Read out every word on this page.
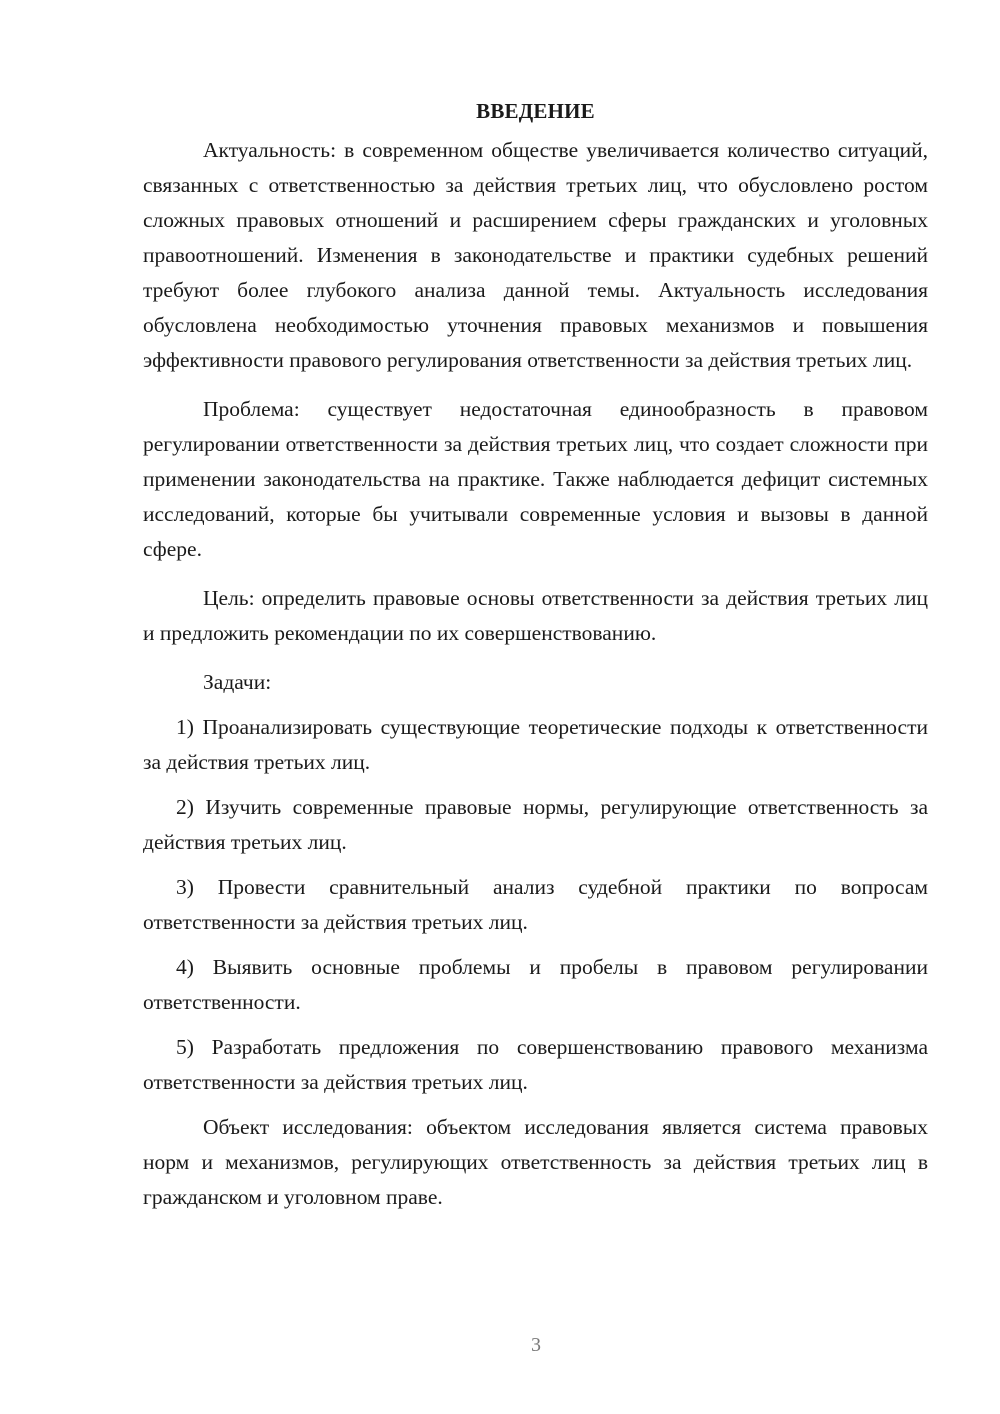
ВВЕДЕНИЕ

Актуальность: в современном обществе увеличивается количество ситуаций, связанных с ответственностью за действия третьих лиц, что обусловлено ростом сложных правовых отношений и расширением сферы гражданских и уголовных правоотношений. Изменения в законодательстве и практики судебных решений требуют более глубокого анализа данной темы. Актуальность исследования обусловлена необходимостью уточнения правовых механизмов и повышения эффективности правового регулирования ответственности за действия третьих лиц.

Проблема: существует недостаточная единообразность в правовом регулировании ответственности за действия третьих лиц, что создает сложности при применении законодательства на практике. Также наблюдается дефицит системных исследований, которые бы учитывали современные условия и вызовы в данной сфере.

Цель: определить правовые основы ответственности за действия третьих лиц и предложить рекомендации по их совершенствованию.

Задачи:

1) Проанализировать существующие теоретические подходы к ответственности за действия третьих лиц.

2) Изучить современные правовые нормы, регулирующие ответственность за действия третьих лиц.

3) Провести сравнительный анализ судебной практики по вопросам ответственности за действия третьих лиц.

4) Выявить основные проблемы и пробелы в правовом регулировании ответственности.

5) Разработать предложения по совершенствованию правового механизма ответственности за действия третьих лиц.

Объект исследования: объектом исследования является система правовых норм и механизмов, регулирующих ответственность за действия третьих лиц в гражданском и уголовном праве.

3
